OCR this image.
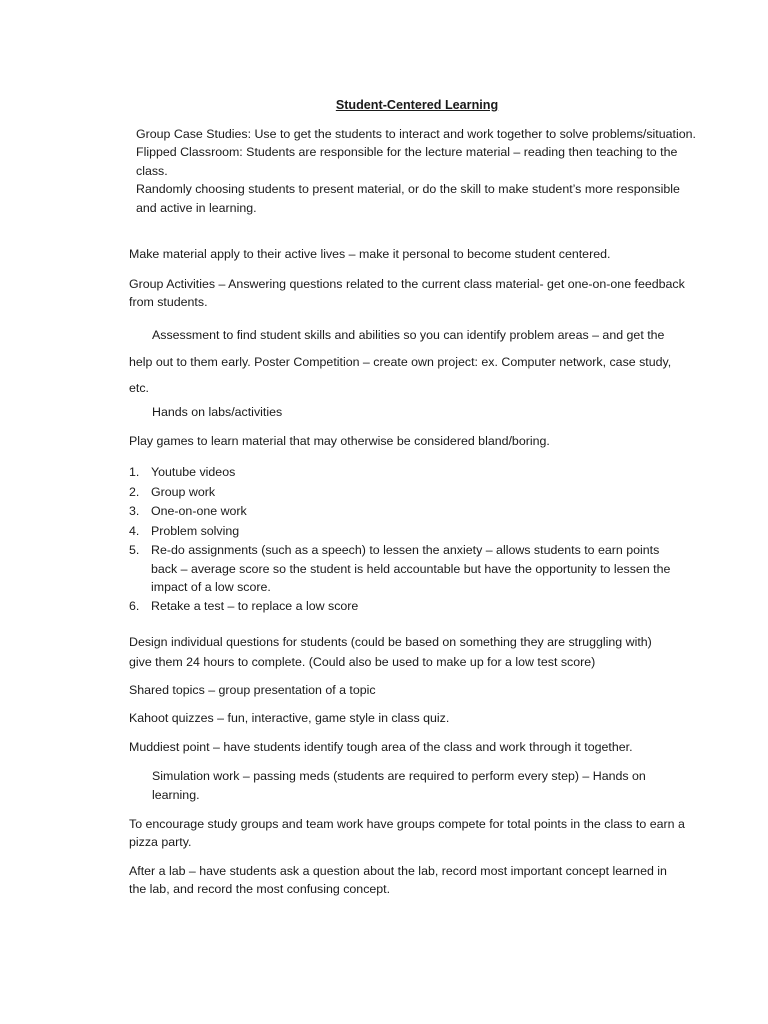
Student-Centered Learning

Group Case Studies: Use to get the students to interact and work together to solve problems/situation.

Flipped Classroom: Students are responsible for the lecture material – reading then teaching to the class.

Randomly choosing students to present material, or do the skill to make student’s more responsible and active in learning.

Make material apply to their active lives – make it personal to become student centered.

Group Activities – Answering questions related to the current class material- get one-on-one feedback from students.

Assessment to find student skills and abilities so you can identify problem areas – and get the help out to them early. Poster Competition – create own project: ex. Computer network, case study, etc.

Hands on labs/activities

Play games to learn material that may otherwise be considered bland/boring.

1. Youtube videos
2. Group work
3. One-on-one work
4. Problem solving
5. Re-do assignments (such as a speech) to lessen the anxiety – allows students to earn points back – average score so the student is held accountable but have the opportunity to lessen the impact of a low score.
6. Retake a test – to replace a low score

Design individual questions for students (could be based on something they are struggling with) give them 24 hours to complete. (Could also be used to make up for a low test score)

Shared topics – group presentation of a topic

Kahoot quizzes – fun, interactive, game style in class quiz.

Muddiest point – have students identify tough area of the class and work through it together.

Simulation work – passing meds (students are required to perform every step) – Hands on learning.

To encourage study groups and team work have groups compete for total points in the class to earn a pizza party.

After a lab – have students ask a question about the lab, record most important concept learned in the lab, and record the most confusing concept.
